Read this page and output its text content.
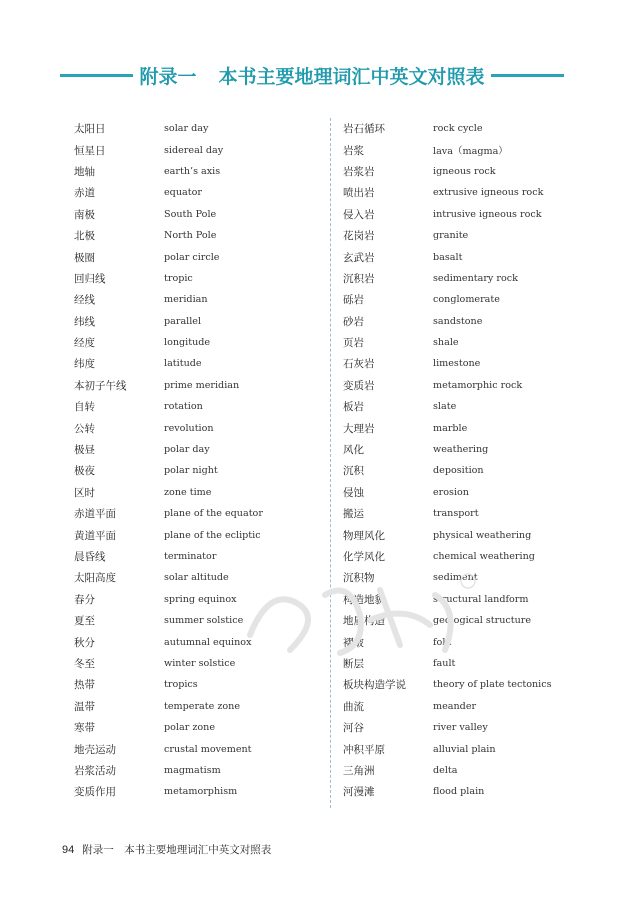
附录一 本书主要地理词汇中英文对照表
太阳日	solar day
恒星日	sidereal day
地轴	earth’s axis
赤道	equator
南极	South Pole
北极	North Pole
极圈	polar circle
回归线	tropic
经线	meridian
纬线	parallel
经度	longitude
纬度	latitude
本初子午线	prime meridian
自转	rotation
公转	revolution
极昼	polar day
极夜	polar night
区时	zone time
赤道平面	plane of the equator
黄道平面	plane of the ecliptic
晨昏线	terminator
太阳高度	solar altitude
春分	spring equinox
夏至	summer solstice
秋分	autumnal equinox
冬至	winter solstice
热带	tropics
温带	temperate zone
寒带	polar zone
地壳运动	crustal movement
岩浆活动	magmatism
变质作用	metamorphism
岩石循环	rock cycle
岩浆	lava（magma）
岩浆岩	igneous rock
喷出岩	extrusive igneous rock
侵入岩	intrusive igneous rock
花岗岩	granite
玄武岩	basalt
沉积岩	sedimentary rock
砾岩	conglomerate
砂岩	sandstone
页岩	shale
石灰岩	limestone
变质岩	metamorphic rock
板岩	slate
大理岩	marble
风化	weathering
沉积	deposition
侵蚀	erosion
搬运	transport
物理风化	physical weathering
化学风化	chemical weathering
沉积物	sediment
构造地貌	structural landform
地质构造	geological structure
褶皱	fold
断层	fault
板块构造学说	theory of plate tectonics
曲流	meander
河谷	river valley
冲积平原	alluvial plain
三角洲	delta
河漫滩	flood plain
94 附录一　本书主要地理词汇中英文对照表
